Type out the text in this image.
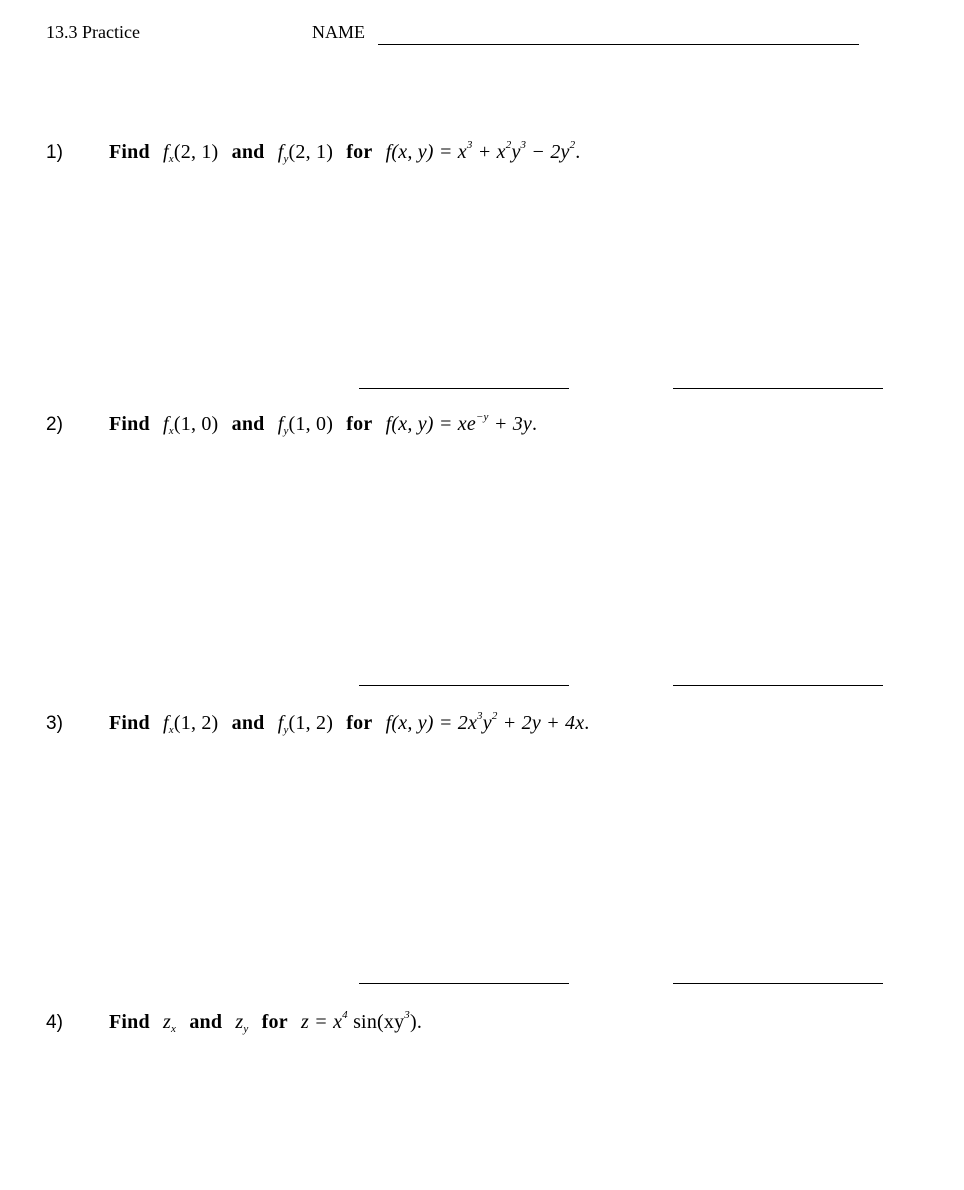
13.3 Practice	NAME
1) Find $f_x(2$, 1) and $f_y(2$, 1) for f(x, $y) = x^3 + x^2y^3 - 2y^2$.
2) Find $f_x(1$, 0) and $f_y(1$, 0) for f(x, $y) = xe^{-y} + 3y$.
3) Find $f_x(1$, 2) and $f_y(1$, 2) for f(x, $y) = 2x^3y^2 + 2y + 4x$.
4) Find $z_x$ and $z_y$ for $z = x^4$ $\sin(xy^3)$.
